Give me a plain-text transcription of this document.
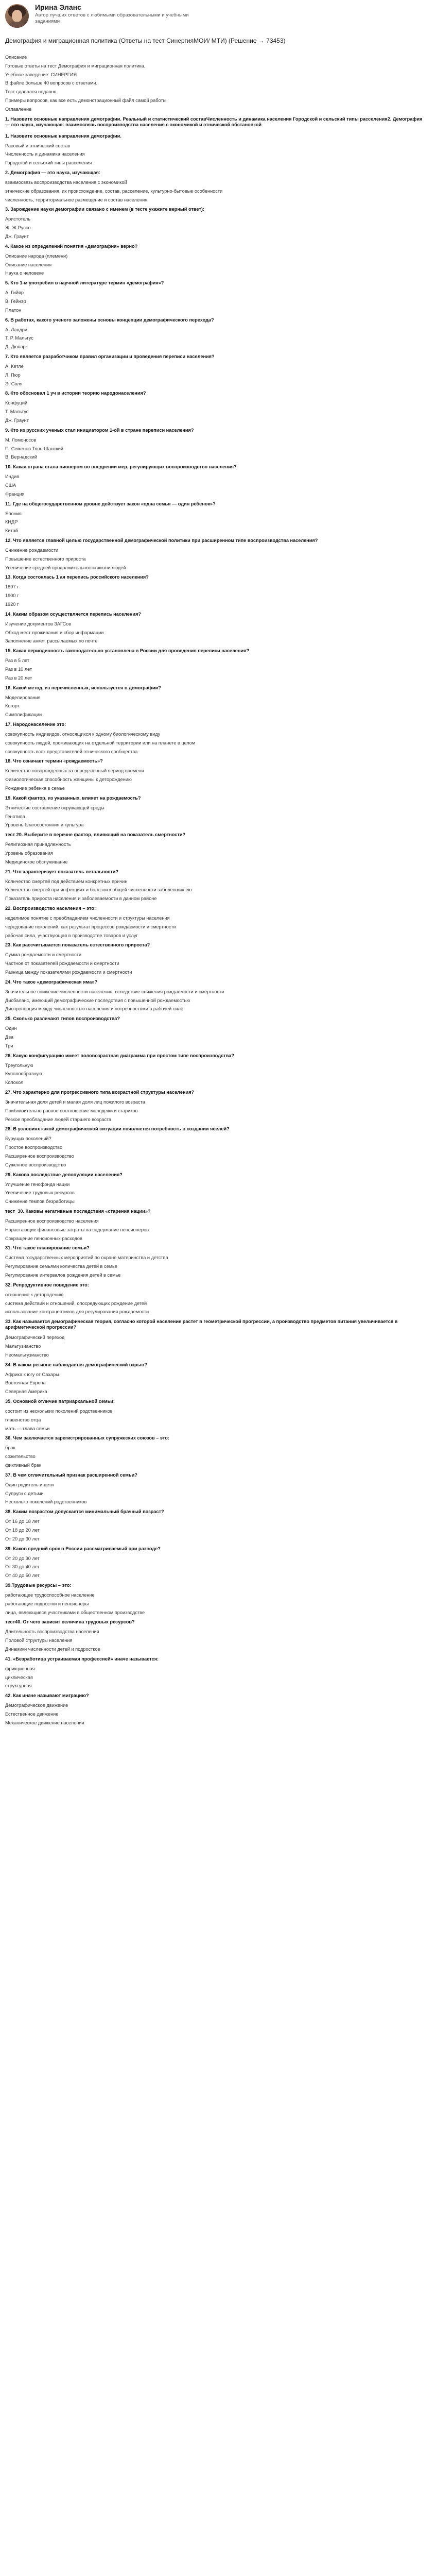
Ирина Эланс
Автор лучших ответов с любимыми образовательными и учебными заданиями
Демография и миграционная политика (Ответы на тест СинергияМОИ/ МТИ) (Решение → 73453)
Описание
Готовые ответы на тест Демография и миграционная политика.
Учебное заведение: СИНЕРГИЯ.
В файле больше 40 вопросов с ответами.
Тест сдавался недавно
Примеры вопросов, как все есть демонстрационный файл самой работы
Оглавление
1. Назовите основные направления демографии. Реальный и статистический составЧисленность и динамика населения Городской и сельский типы расселения2. Демография — это наука, изучающая: взаимосвязь воспроизводства населения с экономикой и этнической обстановкой
1. Назовите основные направления демографии.
Расовый и этнический состав
Численность и динамика населения
Городской и сельский типы расселения
2. Демография — это наука, изучающая:
взаимосвязь воспроизводства населения с экономикой
этнические образования, их происхождение, состав, расселение, культурно-бытовые особенности
численность, территориальное размещение и состав населения
3. Зарождение науки демографии связано с именем (в тесте укажите верный ответ):
Аристотель
Ж. Ж.Руссо
Дж. Граунт
4. Какое из определений понятия «демография» верно?
Описание народа (племени)
Описание населения
Наука о человеке
5. Кто 1-м употребил в научной литературе термин «демография»?
А. Гийяр
В. Гейнэр
Платон
6. В работах, какого ученого заложены основы концепции демографического перехода?
А. Ландри
Т. Р. Мальтус
Д. Дюпарк
7. Кто является разработчиком правил организации и проведения переписи населения?
А. Кетле
Л. Пюр
Э. Соля
8. Кто обосновал 1 уч в истории теорию народонаселения?
Конфуций
Т. Мальтус
Дж. Граунт
9. Кто из русских ученых стал инициатором 1-ой в стране переписи населения?
М. Ломоносов
П. Семенов Тянь-Шанский
В. Вернадский
10. Какая страна стала пионером во внедрении мер, регулирующих воспроизводство населения?
Индия
США
Франция
11. Где на общегосударственном уровне действует закон «одна семья — один ребенок»?
Япония
КНДР
Китай
12. Что является главной целью государственной демографической политики при расширенном типе воспроизводства населения?
Снижение рождаемости
Повышение естественного прироста
Увеличение средней продолжительности жизни людей
13. Когда состоялась 1 ая перепись российского населения?
1897 г
1900 г
1920 г
14. Каким образом осуществляется перепись населения?
Изучение документов ЗАГСов
Обход мест проживания и сбор информации
Заполнение анкет, рассылаемых по почте
15. Какая периодичность законодательно установлена в России для проведения переписи населения?
Раз в 5 лет
Раз в 10 лет
Раз в 20 лет
16. Какой метод, из перечисленных, используется в демографии?
Моделирования
Когорт
Симплификации
17. Народонаселение это:
совокупность индивидов, относящихся к одному биологическому виду
совокупность людей, проживающих на отдельной территории или на планете в целом
совокупность всех представителей этнического сообщества
18. Что означает термин «рождаемость»?
Количество новорожденных за определенный период времени
Физиологическая способность женщины к деторождению
Рождение ребенка в семье
19. Какой фактор, из указанных, влияет на рождаемость?
Этнические составление окружающей среды
Генотипа
Уровень благосостояния и культура
тест 20. Выберите в перечне фактор, влияющий на показатель смертности?
Религиозная принадлежность
Уровень образования
Медицинское обслуживание
21. Что характеризует показатель летальности?
Количество смертей под действием конкретных причин
Количество смертей при инфекциях и болезни к общей численности заболевших ею
Показатель прироста населения и заболеваемости в данном районе
22. Воспроизводство населения – это:
неделимое понятие с преобладанием численности и структуры населения
чередование поколений, как результат процессов рождаемости и смертности
рабочая сила, участвующая в производстве товаров и услуг
23. Как рассчитывается показатель естественного прироста?
Сумма рождаемости и смертности
Частное от показателей рождаемости и смертности
Разница между показателями рождаемости и смертности
24. Что такое «демографическая яма»?
Значительное снижение численности населения, вследствие снижения рождаемости и смертности
Дисбаланс, имеющий демографические последствия с повышенной рождаемостью
Диспропорция между численностью населения и потребностями в рабочей силе
25. Сколько различают типов воспроизводства?
Один
Два
Три
26. Какую конфигурацию имеет половозрастная диаграмма при простом типе воспроизводства?
Треугольную
Куполообразную
Колокол
27. Что характерно для прогрессивного типа возрастной структуры населения?
Значительная доля детей и малая доля лиц пожилого возраста
Приблизительно равное соотношение молодежи и стариков
Резкое преобладание людей старшего возраста
28. В условиях какой демографической ситуации появляется потребность в создании яселей?
Бурущих поколений?
Простое воспроизводство
Расширенное воспроизводство
Суженное воспроизводство
29. Какова последствие депопуляции населения?
Улучшение генофонда нации
Увеличение трудовых ресурсов
Снижение темпов безработицы
тест_30. Каковы негативные последствия «старения нации»?
Расширенное воспроизводство населения
Нарастающие финансовые затраты на содержание пенсионеров
Сокращение пенсионных расходов
31. Что такое планирование семьи?
Система государственных мероприятий по охране материнства и детства
Регулирование семьями количества детей в семье
Регулирование интервалов рождения детей в семье
32. Репродуктивное поведение это:
отношение к детородению
система действий и отношений, опосредующих рождение детей
использование контрацептивов для регулирования рождаемости
33. Как называется демографическая теория, согласно которой население растет в геометрической прогрессии, а производство предметов питания увеличивается в арифметической прогрессии?
Демографический переход
Мальтузианство
Неомальтузианство
34. В каком регионе наблюдается демографический взрыв?
Африка к югу от Сахары
Восточная Европа
Северная Америка
35. Основной отличие патриархальной семьи:
состоит из нескольких поколений родственников
главенство отца
мать — глава семьи
36. Чем заключается зарегистрированных супружеских союзов – это:
брак
сожительство
фиктивный брак
37. В чем отличительный признак расширенной семьи?
Один родитель и дети
Супруги с детьми
Несколько поколений родственников
38. Каким возрастом допускается минимальный брачный возраст?
От 16 до 18 лет
От 18 до 20 лет
От 20 до 30 лет
39. Каков средний срок в России рассматриваемый при разводе?
От 20 до 30 лет
От 30 до 40 лет
От 40 до 50 лет
39.Трудовые ресурсы – это:
работающее трудоспособное население
работающие подростки и пенсионеры
лица, являющиеся участниками в общественном производстве
тест40. От чего зависит величина трудовых ресурсов?
Длительность воспроизводства населения
Половой структуры населения
Динамики численности детей и подростков
41. «Безработица устраиваемая профессией» иначе называется:
фрикционная
циклическая
структурная
42. Как иначе называют миграцию?
Демографическое движение
Естественное движение
Механическое движение населения
